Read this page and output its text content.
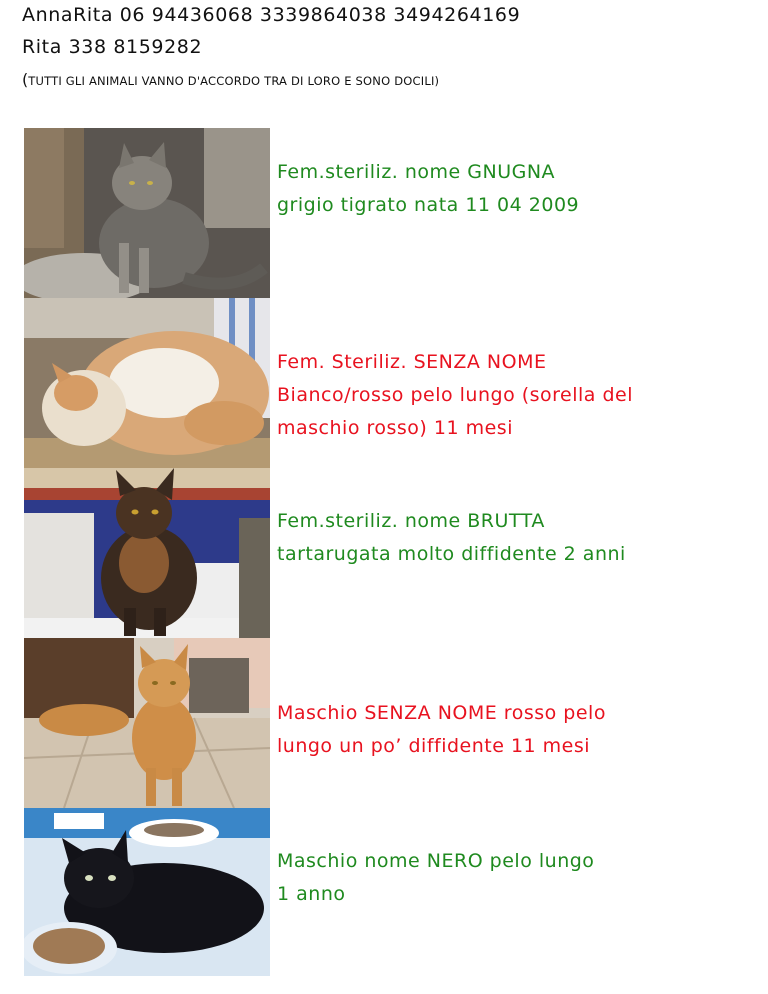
AnnaRita 06 94436068 3339864038 3494264169
Rita 338 8159282
(TUTTI GLI ANIMALI VANNO D'ACCORDO TRA DI LORO E SONO DOCILI)
Fem.steriliz. nome GNUGNA
grigio tigrato nata 11 04 2009
Fem. Steriliz. SENZA NOME
Bianco/rosso pelo lungo (sorella del
maschio rosso) 11 mesi
Fem.steriliz. nome BRUTTA
tartarugata molto diffidente 2 anni
Maschio SENZA NOME rosso pelo
lungo un po’ diffidente 11 mesi
Maschio nome NERO pelo lungo
1 anno
